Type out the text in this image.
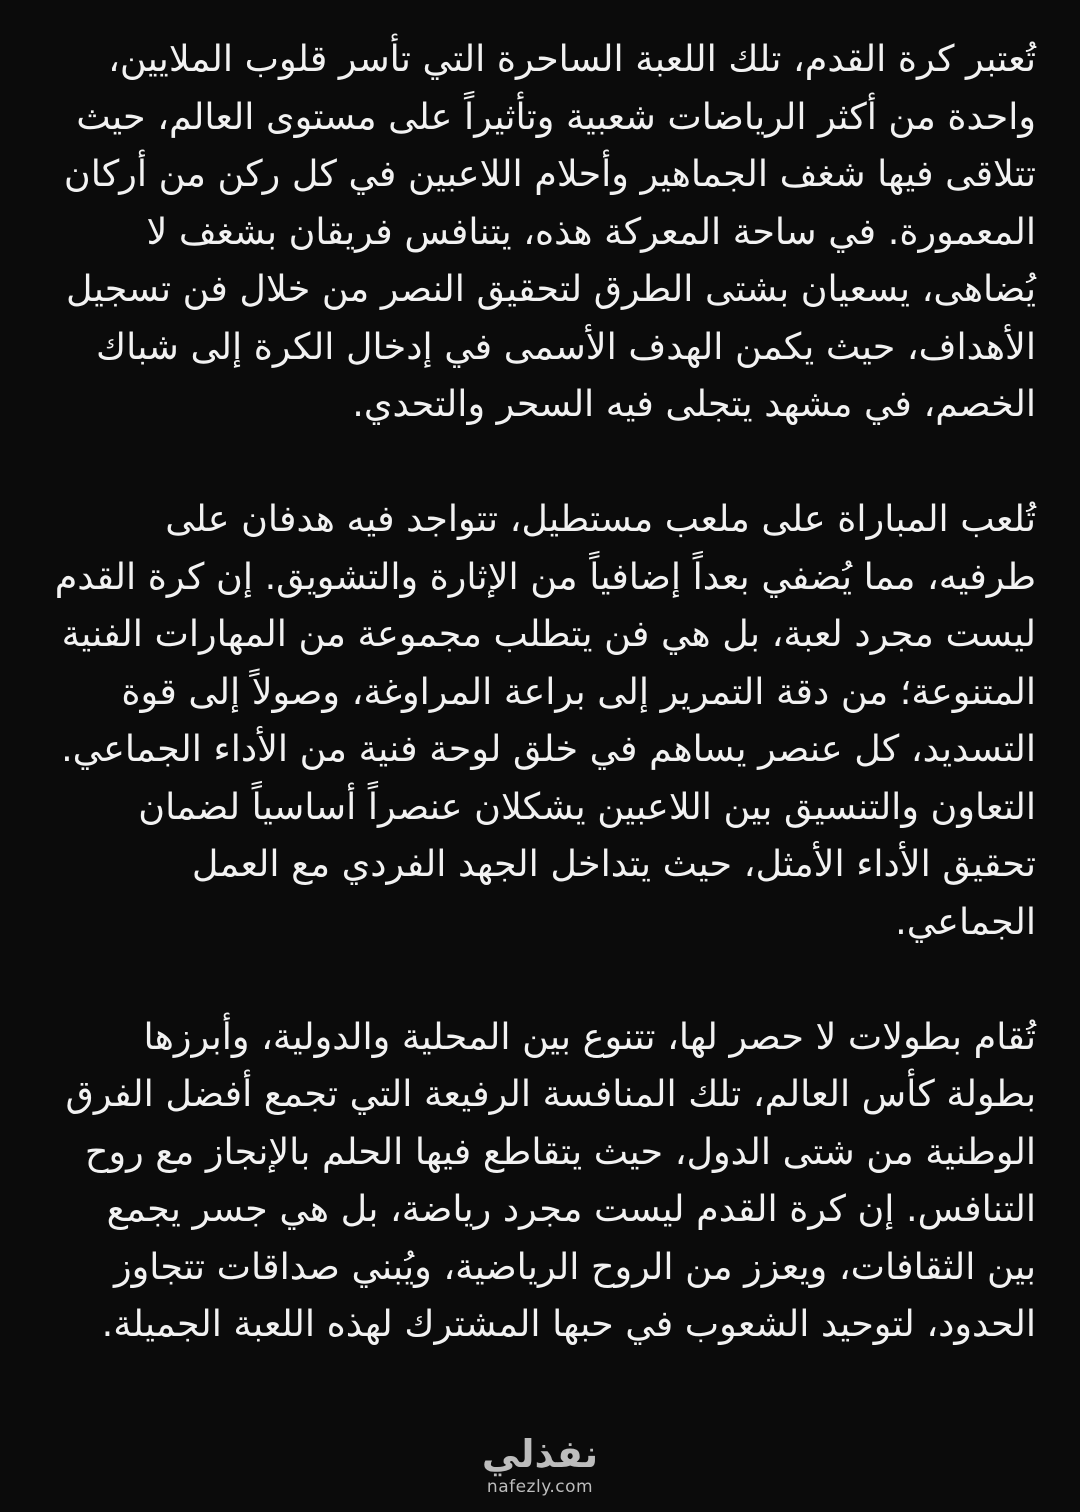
تُعتبر كرة القدم، تلك اللعبة الساحرة التي تأسر قلوب الملايين، واحدة من أكثر الرياضات شعبية وتأثيراً على مستوى العالم، حيث تتلاقى فيها شغف الجماهير وأحلام اللاعبين في كل ركن من أركان المعمورة. في ساحة المعركة هذه، يتنافس فريقان بشغف لا يُضاهى، يسعيان بشتى الطرق لتحقيق النصر من خلال فن تسجيل الأهداف، حيث يكمن الهدف الأسمى في إدخال الكرة إلى شباك الخصم، في مشهد يتجلى فيه السحر والتحدي.

تُلعب المباراة على ملعب مستطيل، تتواجد فيه هدفان على طرفيه، مما يُضفي بعداً إضافياً من الإثارة والتشويق. إن كرة القدم ليست مجرد لعبة، بل هي فن يتطلب مجموعة من المهارات الفنية المتنوعة؛ من دقة التمرير إلى براعة المراوغة، وصولاً إلى قوة التسديد، كل عنصر يساهم في خلق لوحة فنية من الأداء الجماعي. التعاون والتنسيق بين اللاعبين يشكلان عنصراً أساسياً لضمان تحقيق الأداء الأمثل، حيث يتداخل الجهد الفردي مع العمل الجماعي.

تُقام بطولات لا حصر لها، تتنوع بين المحلية والدولية، وأبرزها بطولة كأس العالم، تلك المنافسة الرفيعة التي تجمع أفضل الفرق الوطنية من شتى الدول، حيث يتقاطع فيها الحلم بالإنجاز مع روح التنافس. إن كرة القدم ليست مجرد رياضة، بل هي جسر يجمع بين الثقافات، ويعزز من الروح الرياضية، ويُبني صداقات تتجاوز الحدود، لتوحيد الشعوب في حبها المشترك لهذه اللعبة الجميلة.

نفذلي
nafezly.com
